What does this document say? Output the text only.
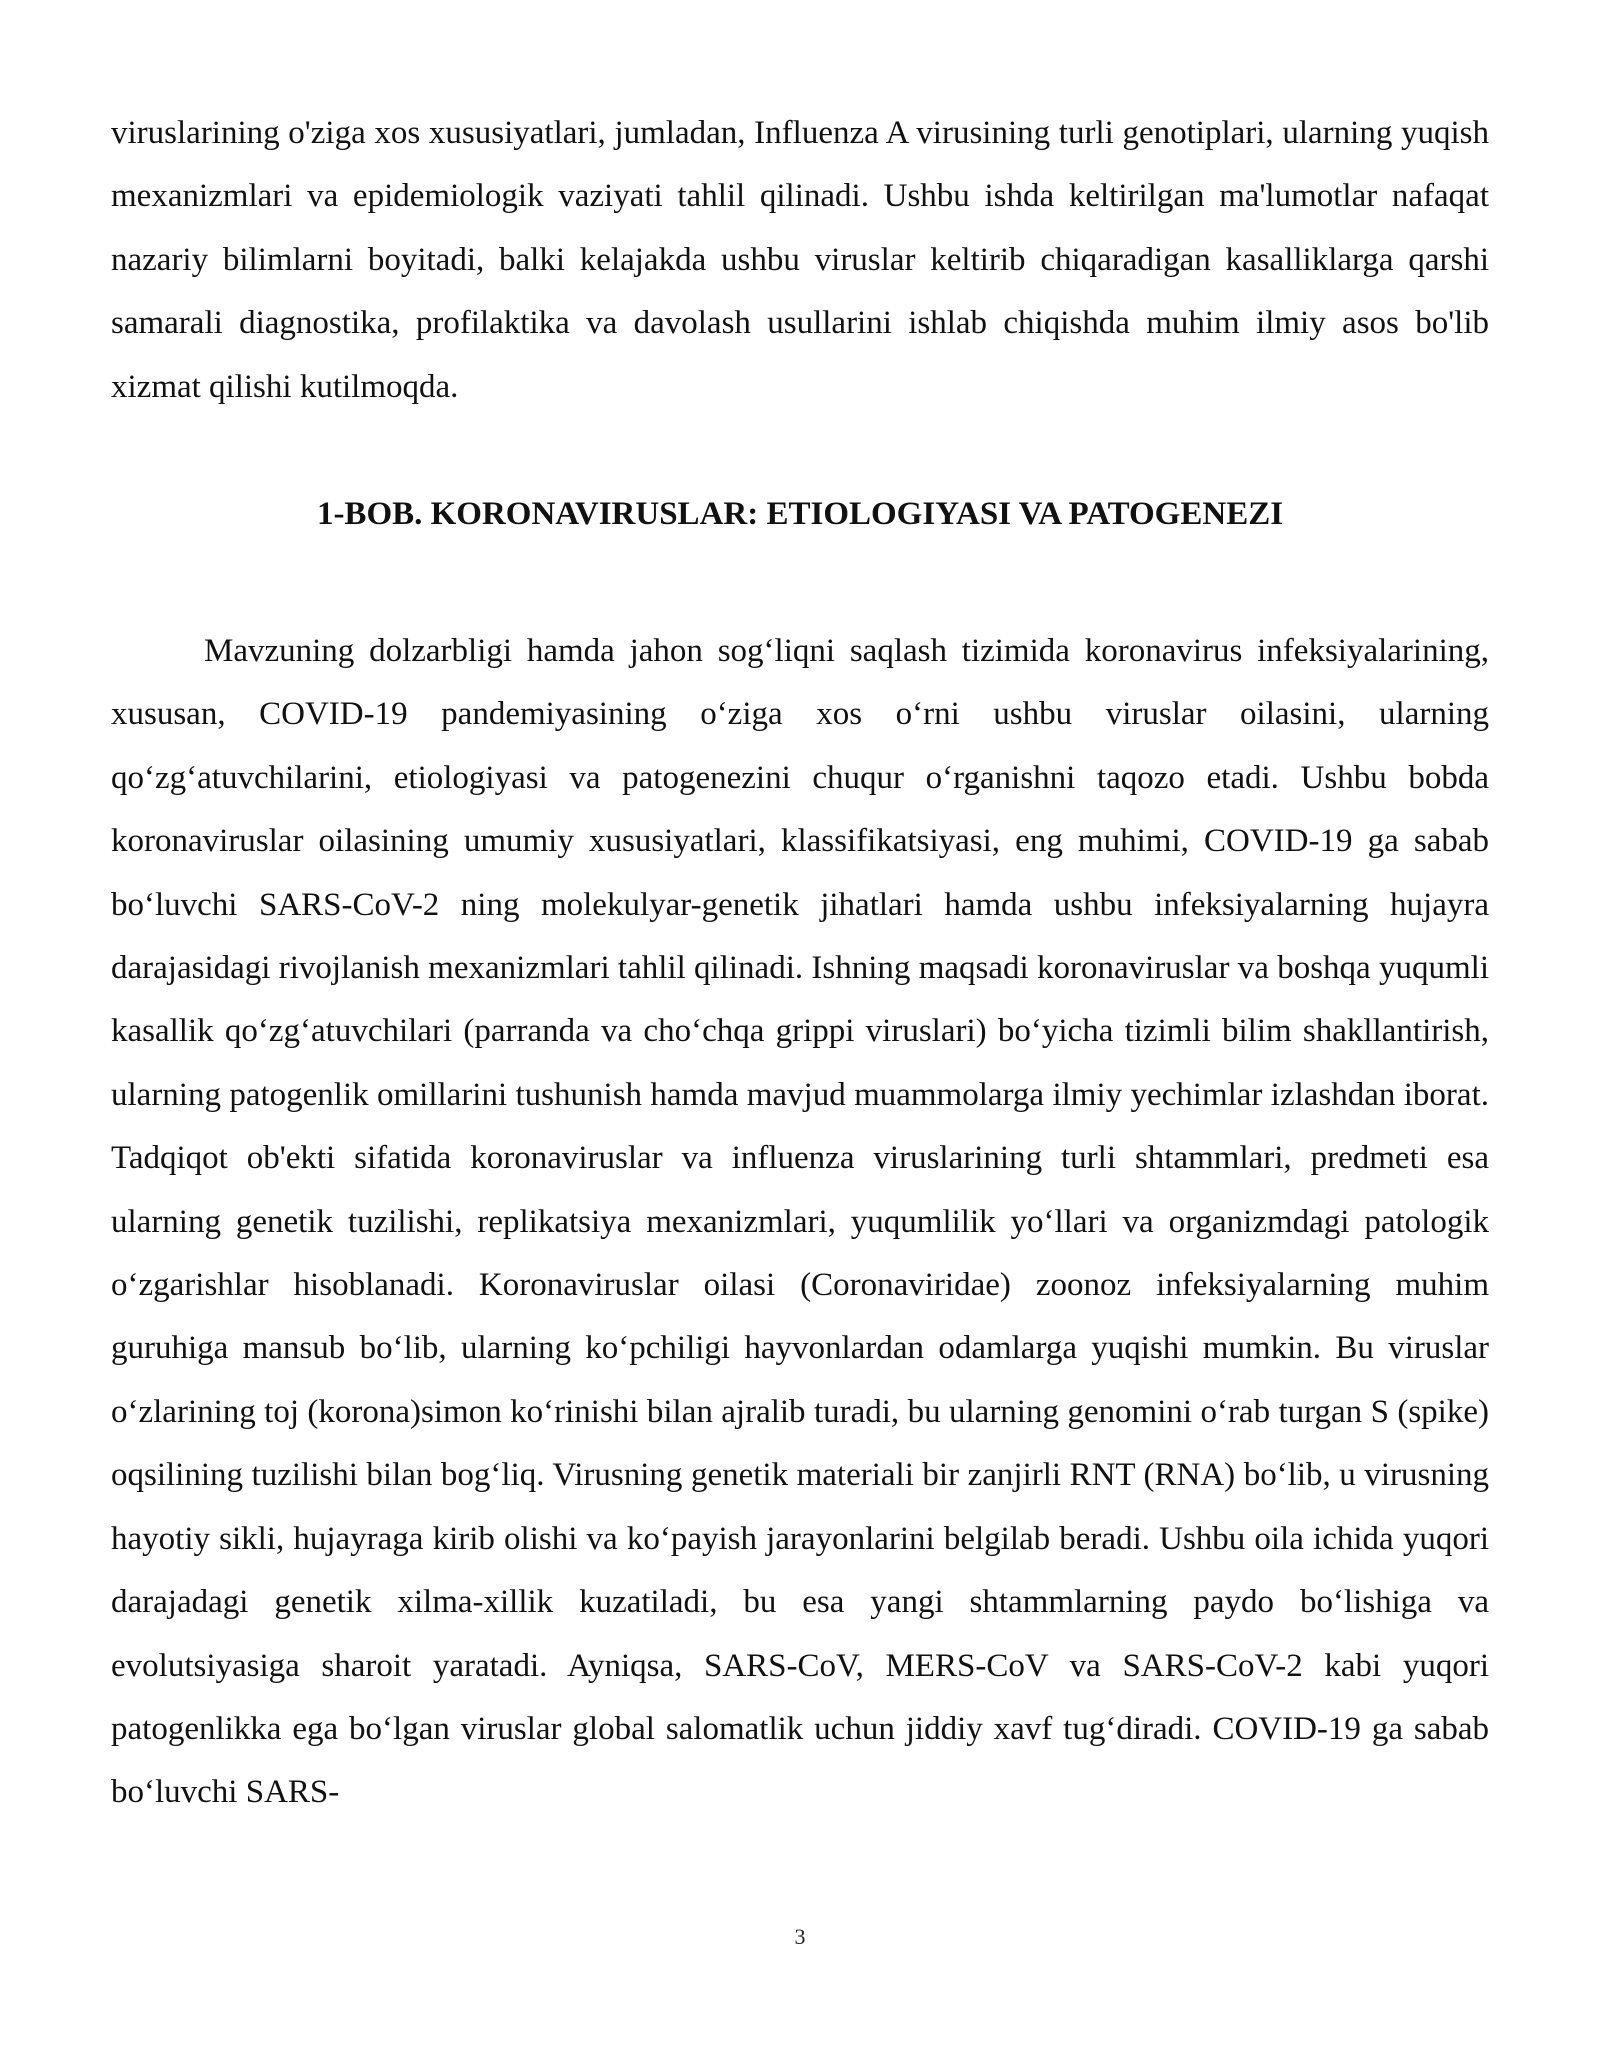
viruslarining o'ziga xos xususiyatlari, jumladan, Influenza A virusining turli genotiplari, ularning yuqish mexanizmlari va epidemiologik vaziyati tahlil qilinadi. Ushbu ishda keltirilgan ma'lumotlar nafaqat nazariy bilimlarni boyitadi, balki kelajakda ushbu viruslar keltirib chiqaradigan kasalliklarga qarshi samarali diagnostika, profilaktika va davolash usullarini ishlab chiqishda muhim ilmiy asos bo'lib xizmat qilishi kutilmoqda.
1-BOB. KORONAVIRUSLAR: ETIOLOGIYASI VA PATOGENEZI
Mavzuning dolzarbligi hamda jahon sog‘liqni saqlash tizimida koronavirus infeksiyalarining, xususan, COVID-19 pandemiyasining o‘ziga xos o‘rni ushbu viruslar oilasini, ularning qo‘zg‘atuvchilarini, etiologiyasi va patogenezini chuqur o‘rganishni taqozo etadi. Ushbu bobda koronaviruslar oilasining umumiy xususiyatlari, klassifikatsiyasi, eng muhimi, COVID-19 ga sabab bo‘luvchi SARS-CoV-2 ning molekulyar-genetik jihatlari hamda ushbu infeksiyalarning hujayra darajasidagi rivojlanish mexanizmlari tahlil qilinadi. Ishning maqsadi koronaviruslar va boshqa yuqumli kasallik qo‘zg‘atuvchilari (parranda va cho‘chqa grippi viruslari) bo‘yicha tizimli bilim shakllantirish, ularning patogenlik omillarini tushunish hamda mavjud muammolarga ilmiy yechimlar izlashdan iborat. Tadqiqot ob'ekti sifatida koronaviruslar va influenza viruslarining turli shtammlari, predmeti esa ularning genetik tuzilishi, replikatsiya mexanizmlari, yuqumlilik yo‘llari va organizmdagi patologik o‘zgarishlar hisoblanadi. Koronaviruslar oilasi (Coronaviridae) zoonoz infeksiyalarning muhim guruhiga mansub bo‘lib, ularning ko‘pchiligi hayvonlardan odamlarga yuqishi mumkin. Bu viruslar o‘zlarining toj (korona)simon ko‘rinishi bilan ajralib turadi, bu ularning genomini o‘rab turgan S (spike) oqsilining tuzilishi bilan bog‘liq. Virusning genetik materiali bir zanjirli RNT (RNA) bo‘lib, u virusning hayotiy sikli, hujayraga kirib olishi va ko‘payish jarayonlarini belgilab beradi. Ushbu oila ichida yuqori darajadagi genetik xilma-xillik kuzatiladi, bu esa yangi shtammlarning paydo bo‘lishiga va evolutsiyasiga sharoit yaratadi. Ayniqsa, SARS-CoV, MERS-CoV va SARS-CoV-2 kabi yuqori patogenlikka ega bo‘lgan viruslar global salomatlik uchun jiddiy xavf tug‘diradi. COVID-19 ga sabab bo‘luvchi SARS-
3
